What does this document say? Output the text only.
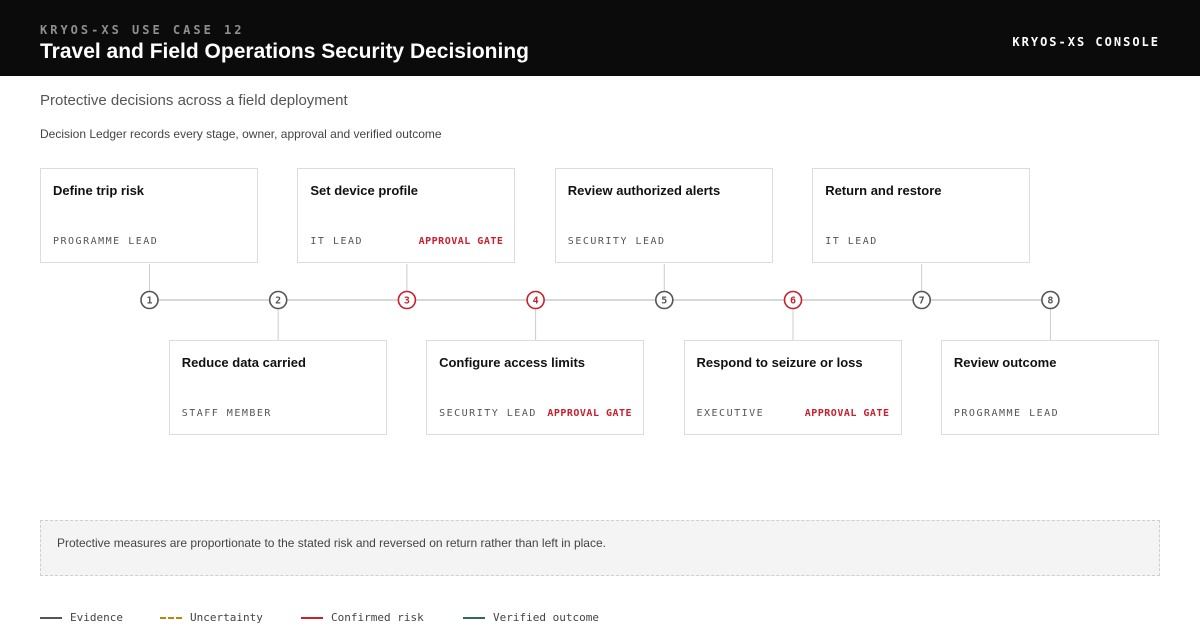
KRYOS-XS USE CASE 12
Travel and Field Operations Security Decisioning	KRYOS-XS CONSOLE
Protective decisions across a field deployment
Decision Ledger records every stage, owner, approval and verified outcome
1	2	3	4	5	6	7	8
Define trip risk
PROGRAMME LEAD
Reduce data carried
STAFF MEMBER
Set device profile
IT LEAD	APPROVAL GATE
Configure access limits
SECURITY LEAD APPROVAL GATE
Review authorized alerts
SECURITY LEAD
Respond to seizure or loss
EXECUTIVE	APPROVAL GATE
Return and restore
IT LEAD
Review outcome
PROGRAMME LEAD
Protective measures are proportionate to the stated risk and reversed on return rather than left in place.
Evidence	Uncertainty	Confirmed risk	Verified outcome
